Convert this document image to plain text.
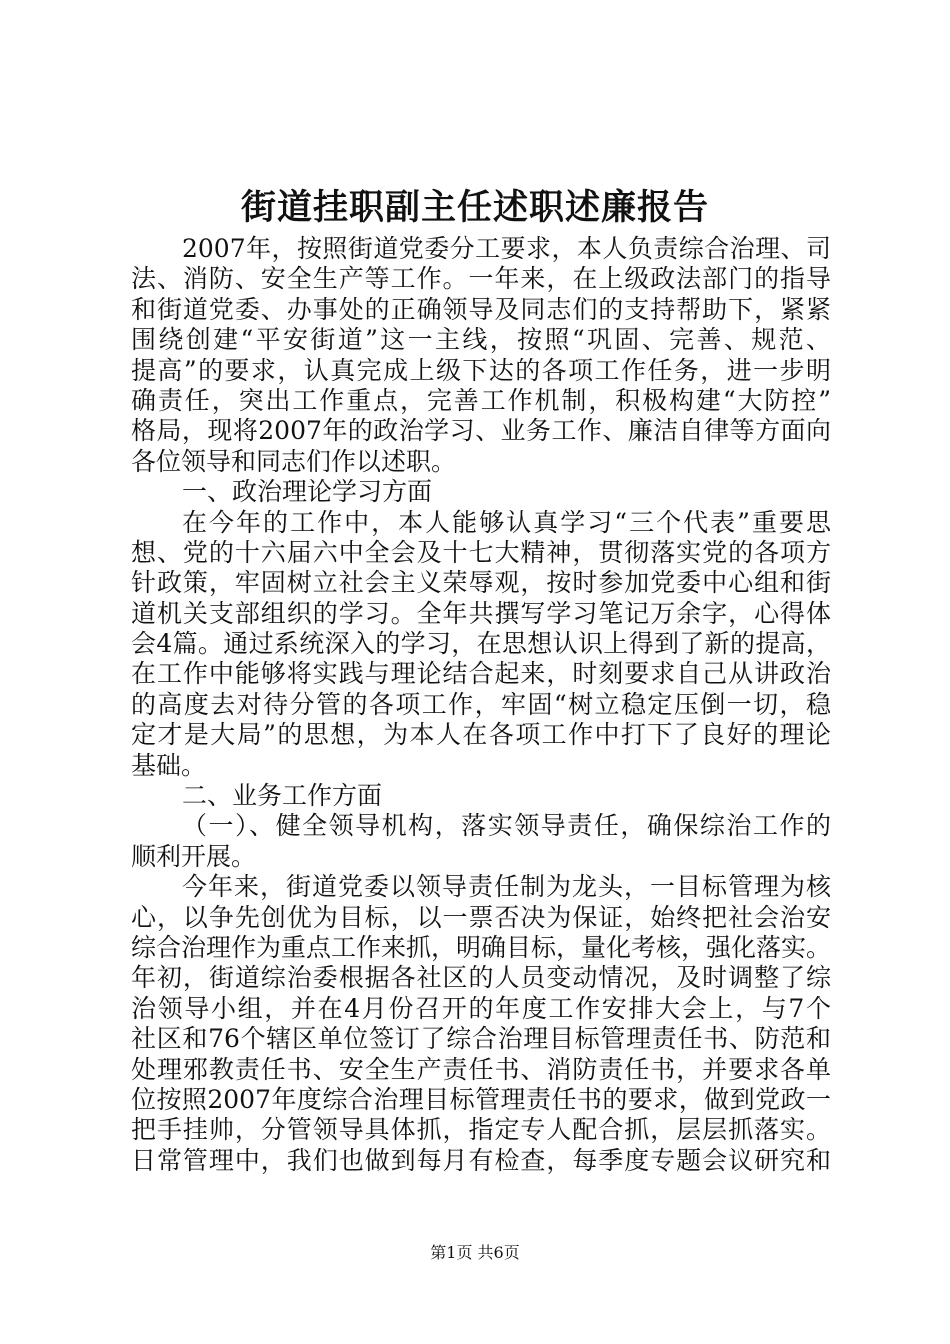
街道挂职副主任述职述廉报告
2007年，按照街道党委分工要求，本人负责综合治理、司
法、消防、安全生产等工作。一年来，在上级政法部门的指导
和街道党委、办事处的正确领导及同志们的支持帮助下，紧紧
围绕创建“平安街道”这一主线，按照“巩固、完善、规范、
提高”的要求，认真完成上级下达的各项工作任务，进一步明
确责任，突出工作重点，完善工作机制，积极构建“大防控”
格局，现将2007年的政治学习、业务工作、廉洁自律等方面向
各位领导和同志们作以述职。
一、政治理论学习方面
在今年的工作中，本人能够认真学习“三个代表”重要思
想、党的十六届六中全会及十七大精神，贯彻落实党的各项方
针政策，牢固树立社会主义荣辱观，按时参加党委中心组和街
道机关支部组织的学习。全年共撰写学习笔记万余字，心得体
会4篇。通过系统深入的学习，在思想认识上得到了新的提高，
在工作中能够将实践与理论结合起来，时刻要求自己从讲政治
的高度去对待分管的各项工作，牢固“树立稳定压倒一切，稳
定才是大局”的思想，为本人在各项工作中打下了良好的理论
基础。
二、业务工作方面
（一）、健全领导机构，落实领导责任，确保综治工作的
顺利开展。
今年来，街道党委以领导责任制为龙头，一目标管理为核
心，以争先创优为目标，以一票否决为保证，始终把社会治安
综合治理作为重点工作来抓，明确目标，量化考核，强化落实。
年初，街道综治委根据各社区的人员变动情况，及时调整了综
治领导小组，并在4月份召开的年度工作安排大会上，与7个
社区和76个辖区单位签订了综合治理目标管理责任书、防范和
处理邪教责任书、安全生产责任书、消防责任书，并要求各单
位按照2007年度综合治理目标管理责任书的要求，做到党政一
把手挂帅，分管领导具体抓，指定专人配合抓，层层抓落实。
日常管理中，我们也做到每月有检查，每季度专题会议研究和
第1页 共6页
